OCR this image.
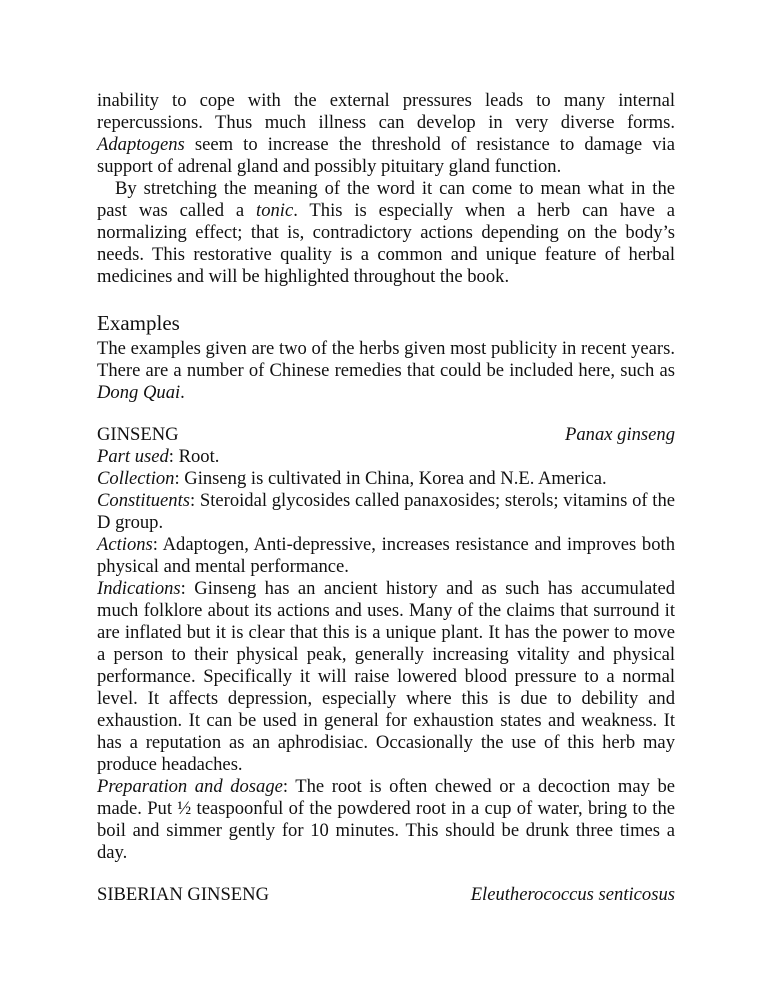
inability to cope with the external pressures leads to many internal repercussions. Thus much illness can develop in very diverse forms. Adaptogens seem to increase the threshold of resistance to damage via support of adrenal gland and possibly pituitary gland function.

By stretching the meaning of the word it can come to mean what in the past was called a tonic. This is especially when a herb can have a normalizing effect; that is, contradictory actions depending on the body’s needs. This restorative quality is a common and unique feature of herbal medicines and will be highlighted throughout the book.

Examples

The examples given are two of the herbs given most publicity in recent years. There are a number of Chinese remedies that could be included here, such as Dong Quai.

GINSENG	Panax ginseng

Part used: Root.

Collection: Ginseng is cultivated in China, Korea and N.E. America.

Constituents: Steroidal glycosides called panaxosides; sterols; vitamins of the D group.

Actions: Adaptogen, Anti-depressive, increases resistance and improves both physical and mental performance.

Indications: Ginseng has an ancient history and as such has accumulated much folklore about its actions and uses. Many of the claims that surround it are inflated but it is clear that this is a unique plant. It has the power to move a person to their physical peak, generally increasing vitality and physical performance. Specifically it will raise lowered blood pressure to a normal level. It affects depression, especially where this is due to debility and exhaustion. It can be used in general for exhaustion states and weakness. It has a reputation as an aphrodisiac. Occasionally the use of this herb may produce headaches.

Preparation and dosage: The root is often chewed or a decoction may be made. Put ½ teaspoonful of the powdered root in a cup of water, bring to the boil and simmer gently for 10 minutes. This should be drunk three times a day.

SIBERIAN GINSENG	Eleutherococcus senticosus
